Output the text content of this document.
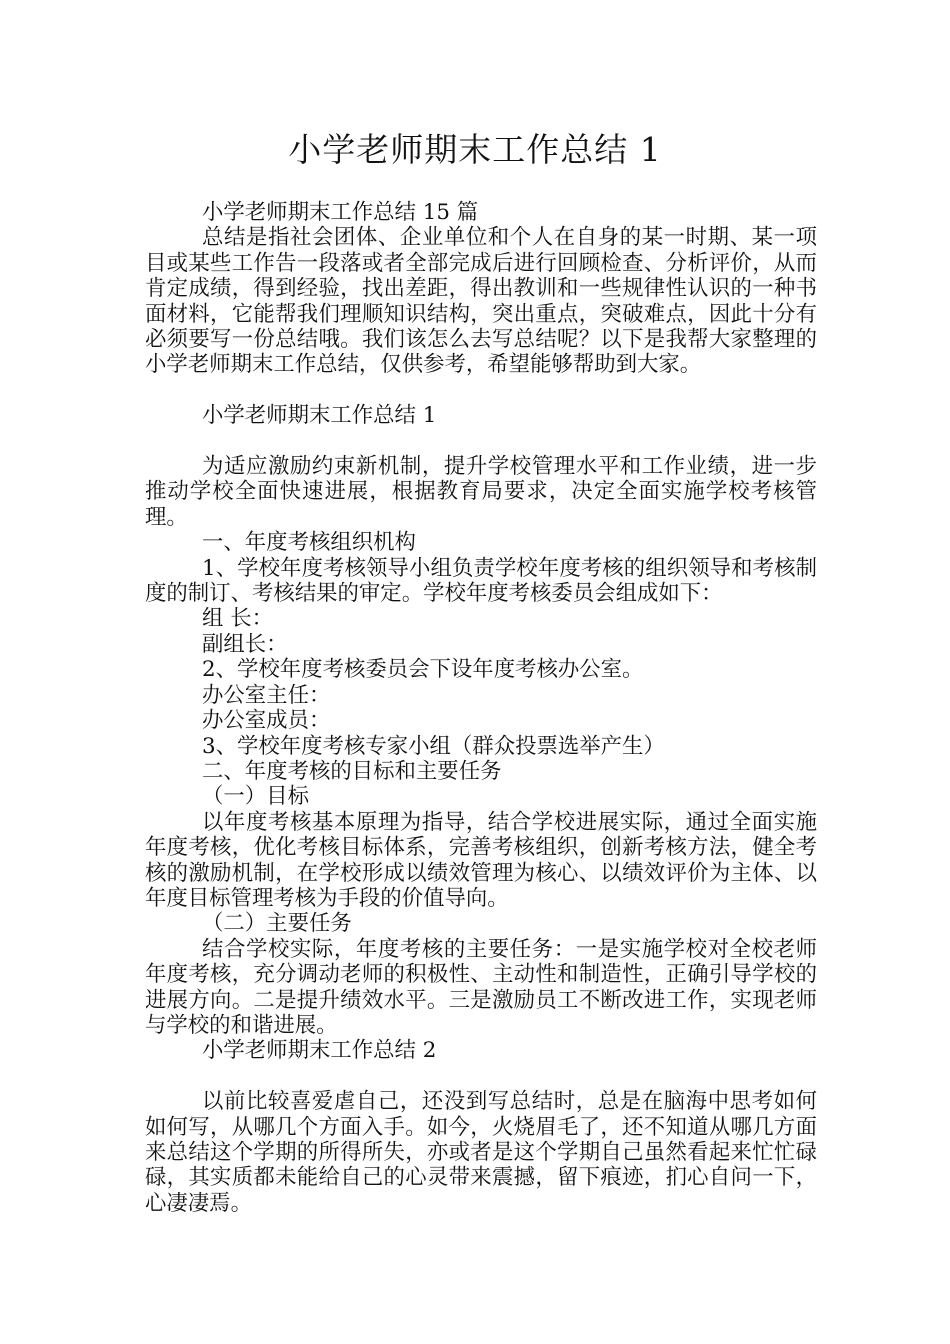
小学老师期末工作总结 1

小学老师期末工作总结 15 篇

总结是指社会团体、企业单位和个人在自身的某一时期、某一项目或某些工作告一段落或者全部完成后进行回顾检查、分析评价，从而肯定成绩，得到经验，找出差距，得出教训和一些规律性认识的一种书面材料，它能帮我们理顺知识结构，突出重点，突破难点，因此十分有必须要写一份总结哦。我们该怎么去写总结呢？以下是我帮大家整理的小学老师期末工作总结，仅供参考，希望能够帮助到大家。

小学老师期末工作总结 1

为适应激励约束新机制，提升学校管理水平和工作业绩，进一步推动学校全面快速进展，根据教育局要求，决定全面实施学校考核管理。

一、年度考核组织机构

1、学校年度考核领导小组负责学校年度考核的组织领导和考核制度的制订、考核结果的审定。学校年度考核委员会组成如下：

组 长：

副组长：

2、学校年度考核委员会下设年度考核办公室。

办公室主任：

办公室成员：

3、学校年度考核专家小组（群众投票选举产生）

二、年度考核的目标和主要任务

（一）目标

以年度考核基本原理为指导，结合学校进展实际，通过全面实施年度考核，优化考核目标体系，完善考核组织，创新考核方法，健全考核的激励机制，在学校形成以绩效管理为核心、以绩效评价为主体、以年度目标管理考核为手段的价值导向。

（二）主要任务

结合学校实际，年度考核的主要任务：一是实施学校对全校老师年度考核，充分调动老师的积极性、主动性和制造性，正确引导学校的进展方向。二是提升绩效水平。三是激励员工不断改进工作，实现老师与学校的和谐进展。

小学老师期末工作总结 2

以前比较喜爱虐自己，还没到写总结时，总是在脑海中思考如何如何写，从哪几个方面入手。如今，火烧眉毛了，还不知道从哪几方面来总结这个学期的所得所失，亦或者是这个学期自己虽然看起来忙忙碌碌，其实质都未能给自己的心灵带来震撼，留下痕迹，扪心自问一下，心凄凄焉。
